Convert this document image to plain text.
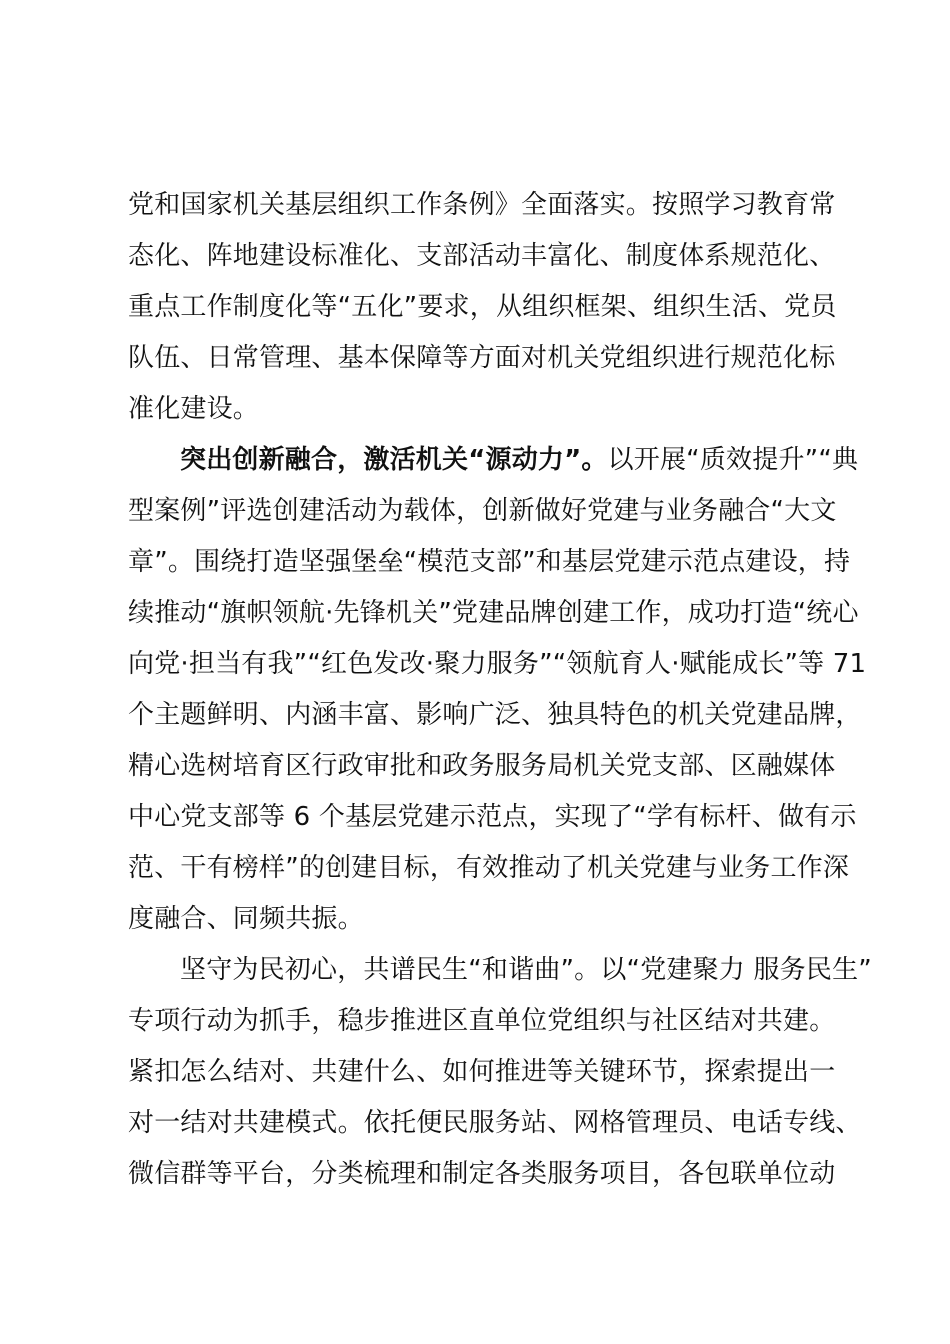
党和国家机关基层组织工作条例》全面落实。按照学习教育常
态化、阵地建设标准化、支部活动丰富化、制度体系规范化、
重点工作制度化等“五化”要求，从组织框架、组织生活、党员
队伍、日常管理、基本保障等方面对机关党组织进行规范化标
准化建设。
突出创新融合，激活机关“源动力”。以开展“质效提升”“典
型案例”评选创建活动为载体，创新做好党建与业务融合“大文
章”。围绕打造坚强堡垒“模范支部”和基层党建示范点建设，持
续推动“旗帜领航·先锋机关”党建品牌创建工作，成功打造“统心
向党·担当有我”“红色发改·聚力服务”“领航育人·赋能成长”等 71
个主题鲜明、内涵丰富、影响广泛、独具特色的机关党建品牌，
精心选树培育区行政审批和政务服务局机关党支部、区融媒体
中心党支部等 6 个基层党建示范点，实现了“学有标杆、做有示
范、干有榜样”的创建目标，有效推动了机关党建与业务工作深
度融合、同频共振。
坚守为民初心，共谱民生“和谐曲”。以“党建聚力 服务民生”
专项行动为抓手，稳步推进区直单位党组织与社区结对共建。
紧扣怎么结对、共建什么、如何推进等关键环节，探索提出一
对一结对共建模式。依托便民服务站、网格管理员、电话专线、
微信群等平台，分类梳理和制定各类服务项目，各包联单位动
